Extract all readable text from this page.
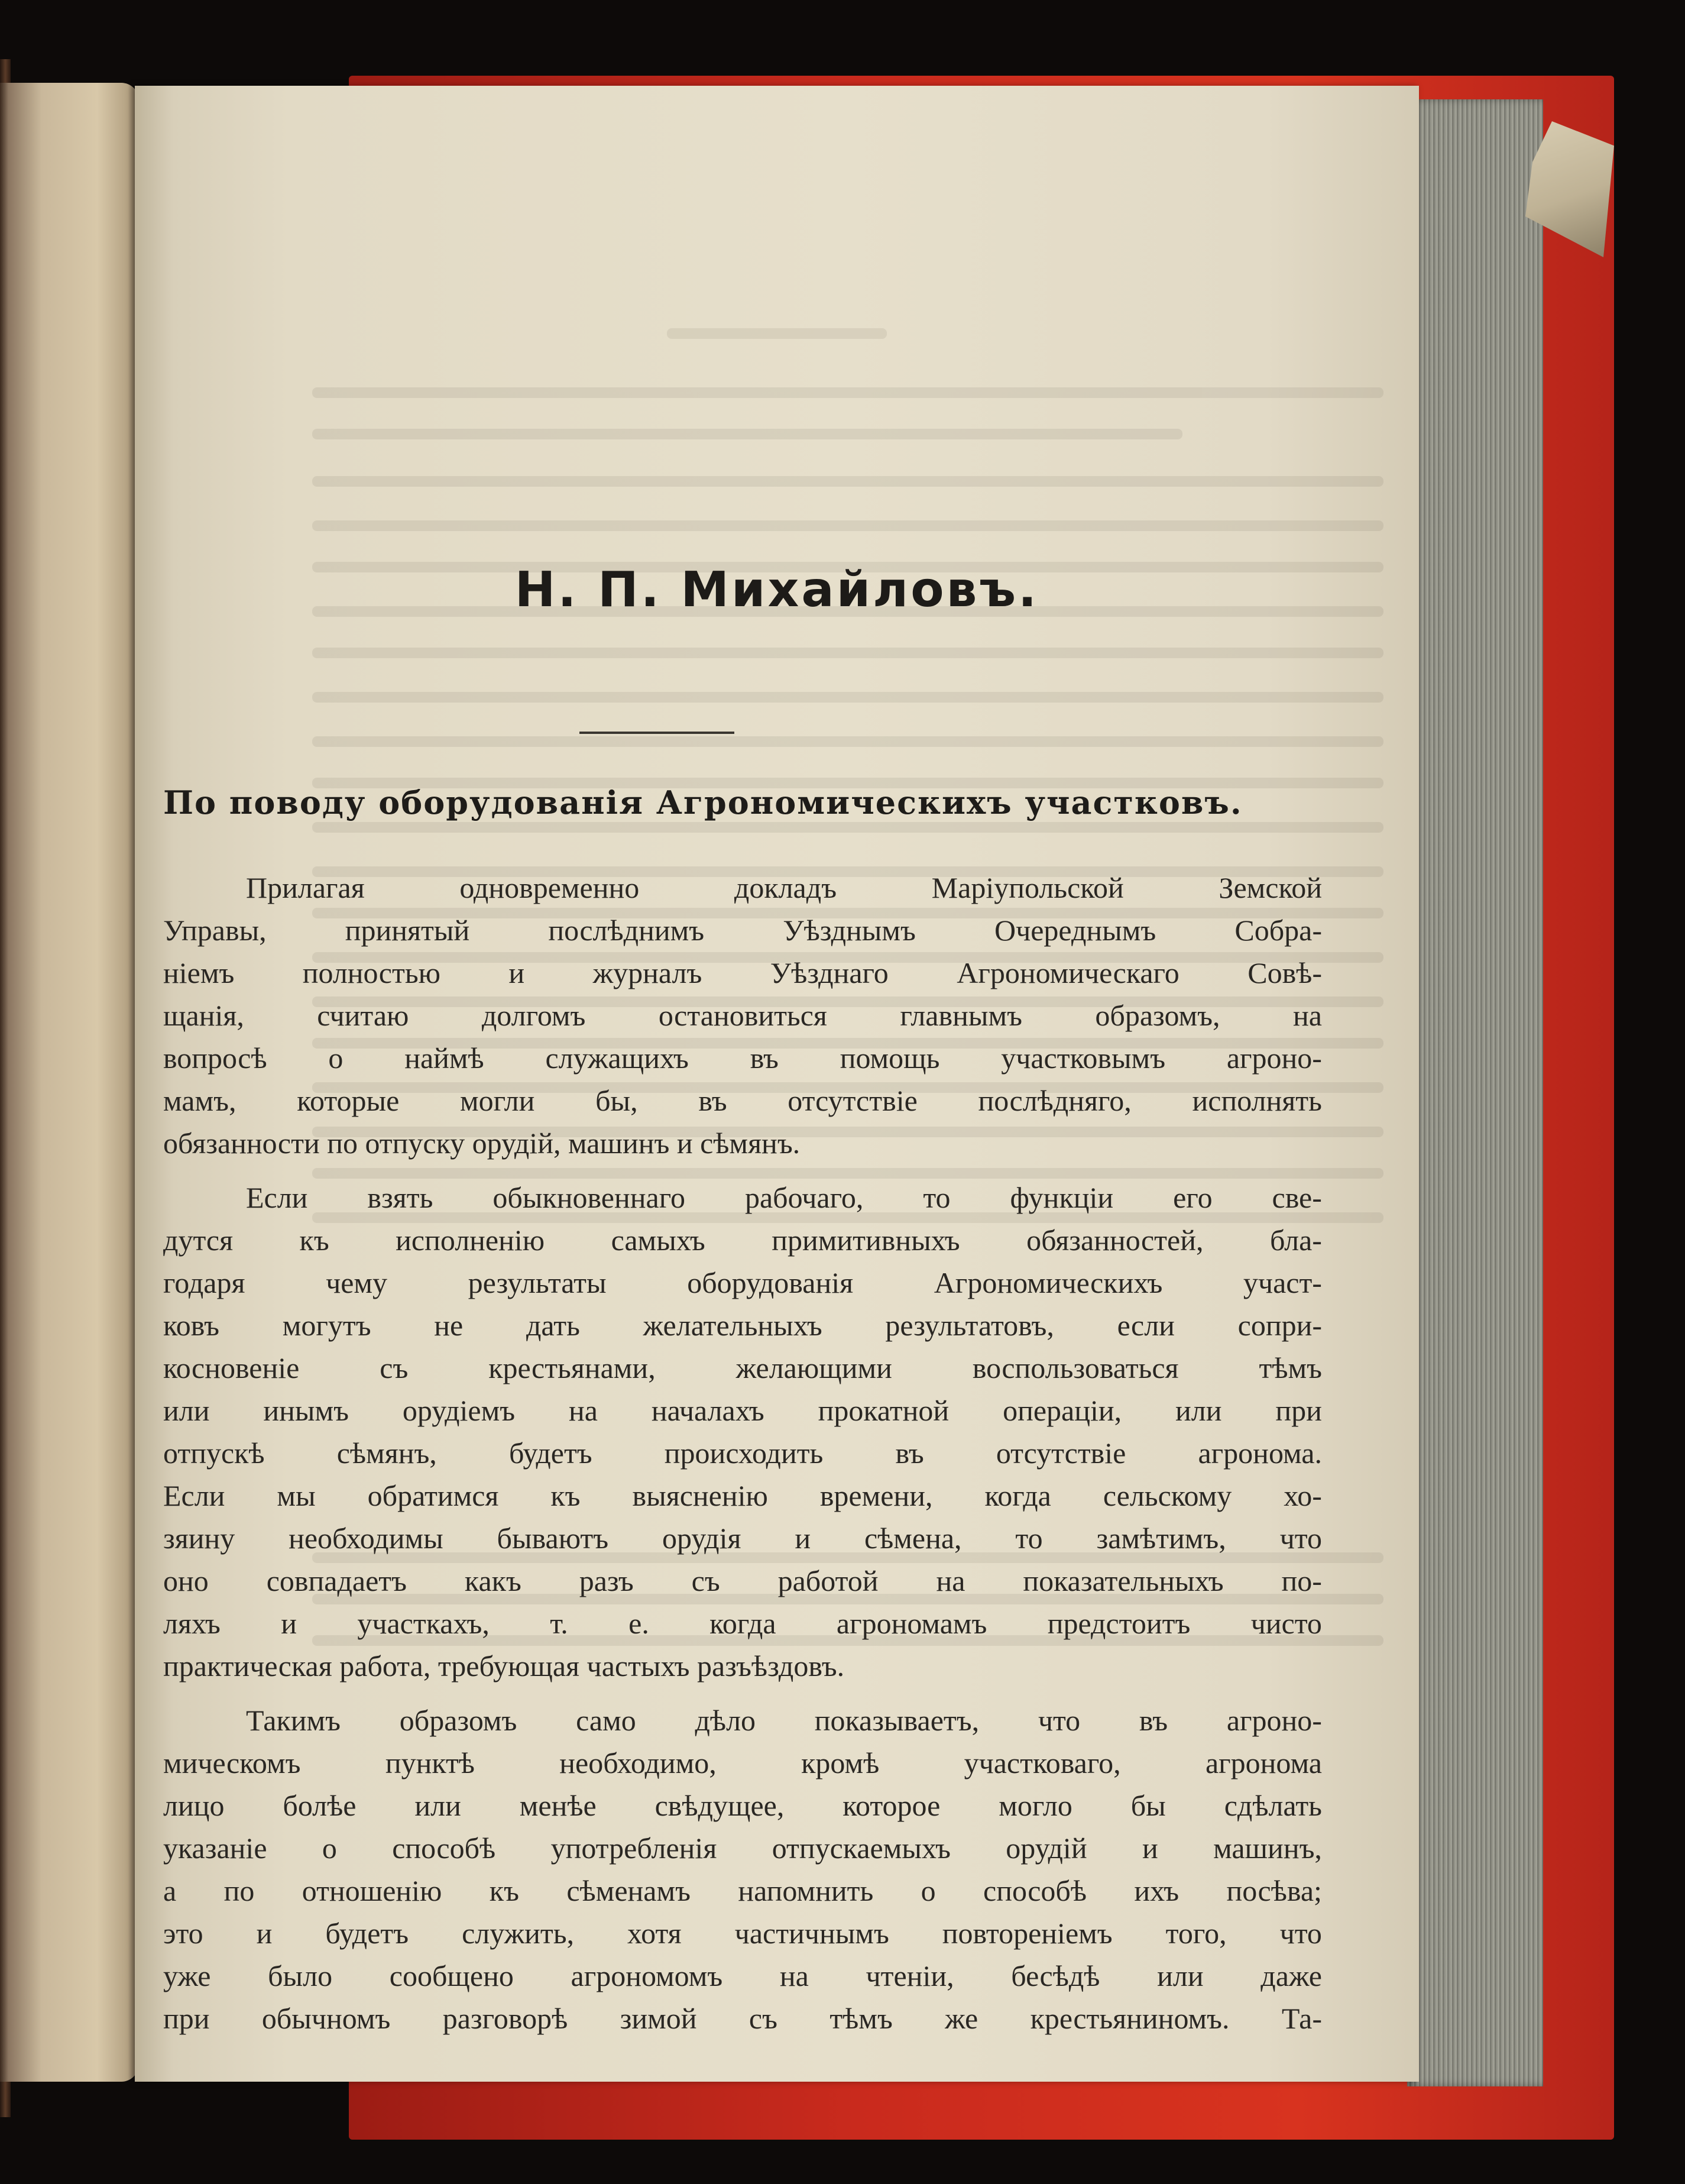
Н. П. Михайловъ.
По поводу оборудованія Агрономическихъ участковъ.
Прилагая	одновременно	докладъ	Маріупольской	Земской
Управы,	принятый	послѣднимъ	Уѣзднымъ	Очереднымъ	Собра-
ніемъ полностью и журналъ Уѣзднаго Агрономическаго Совѣ-
щанія, считаю долгомъ остановиться главнымъ образомъ, на
вопросѣ о наймѣ служащихъ въ помощь участковымъ агроно-
мамъ, которые могли бы, въ отсутствіе послѣдняго, исполнять
обязанности по отпуску орудій, машинъ и сѣмянъ.
Если взять обыкновеннаго рабочаго, то функціи его све-
дутся къ исполненію самыхъ примитивныхъ обязанностей, бла-
годаря	чему	результаты	оборудованія	Агрономическихъ	участ-
ковъ могутъ не дать желательныхъ результатовъ, если сопри-
косновеніе	съ	крестьянами,	желающими	воспользоваться	тѣмъ
или инымъ орудіемъ на началахъ прокатной операціи, или при
отпускѣ сѣмянъ, будетъ происходить въ отсутствіе агронома.
Если мы обратимся къ выясненію времени, когда сельскому хо-
зяину необходимы бываютъ орудія и сѣмена, то замѣтимъ, что
оно совпадаетъ какъ разъ съ работой на показательныхъ по-
ляхъ и участкахъ, т. е. когда агрономамъ предстоитъ чисто
практическая работа, требующая частыхъ разъѣздовъ.
Такимъ образомъ само дѣло показываетъ, что въ агроно-
мическомъ	пунктѣ	необходимо,	кромѣ	участковаго,	агронома
лицо болѣе или менѣе свѣдущее, которое могло бы сдѣлать
указаніе о способѣ употребленія отпускаемыхъ орудій и машинъ,
а по отношенію къ сѣменамъ напомнить о способѣ ихъ посѣва;
это и будетъ служить, хотя частичнымъ повтореніемъ того, что
уже было сообщено агрономомъ на чтеніи, бесѣдѣ или даже
при обычномъ разговорѣ зимой съ тѣмъ же крестьяниномъ. Та-
